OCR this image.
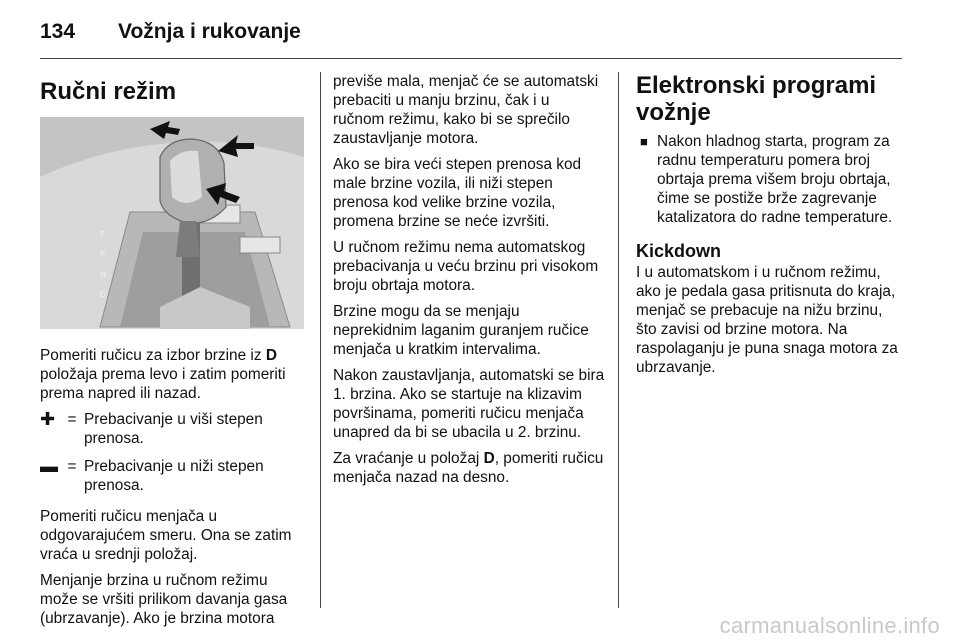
134 Vožnja i rukovanje
Ručni režim
P
R
N
D

Pomeriti ručicu za izbor brzine iz D položaja prema levo i zatim pomeriti prema napred ili nazad.

✚ = Prebacivanje u viši stepen prenosa.
▬ = Prebacivanje u niži stepen prenosa.

Pomeriti ručicu menjača u odgovarajućem smeru. Ona se zatim vraća u srednji položaj.

Menjanje brzina u ručnom režimu može se vršiti prilikom davanja gasa (ubrzavanje). Ako je brzina motora

previše mala, menjač će se automatski prebaciti u manju brzinu, čak i u ručnom režimu, kako bi se sprečilo zaustavljanje motora.

Ako se bira veći stepen prenosa kod male brzine vozila, ili niži stepen prenosa kod velike brzine vozila, promena brzine se neće izvršiti.

U ručnom režimu nema automatskog prebacivanja u veću brzinu pri visokom broju obrtaja motora.

Brzine mogu da se menjaju neprekidnim laganim guranjem ručice menjača u kratkim intervalima.

Nakon zaustavljanja, automatski se bira 1. brzina. Ako se startuje na klizavim površinama, pomeriti ručicu menjača unapred da bi se ubacila u 2. brzinu.

Za vraćanje u položaj D, pomeriti ručicu menjača nazad na desno.

Elektronski programi vožnje
■ Nakon hladnog starta, program za radnu temperaturu pomera broj obrtaja prema višem broju obrtaja, čime se postiže brže zagrevanje katalizatora do radne temperature.
Kickdown

I u automatskom i u ručnom režimu, ako je pedala gasa pritisnuta do kraja, menjač se prebacuje na nižu brzinu, što zavisi od brzine motora. Na raspolaganju je puna snaga motora za ubrzavanje.

carmanualsonline.info
